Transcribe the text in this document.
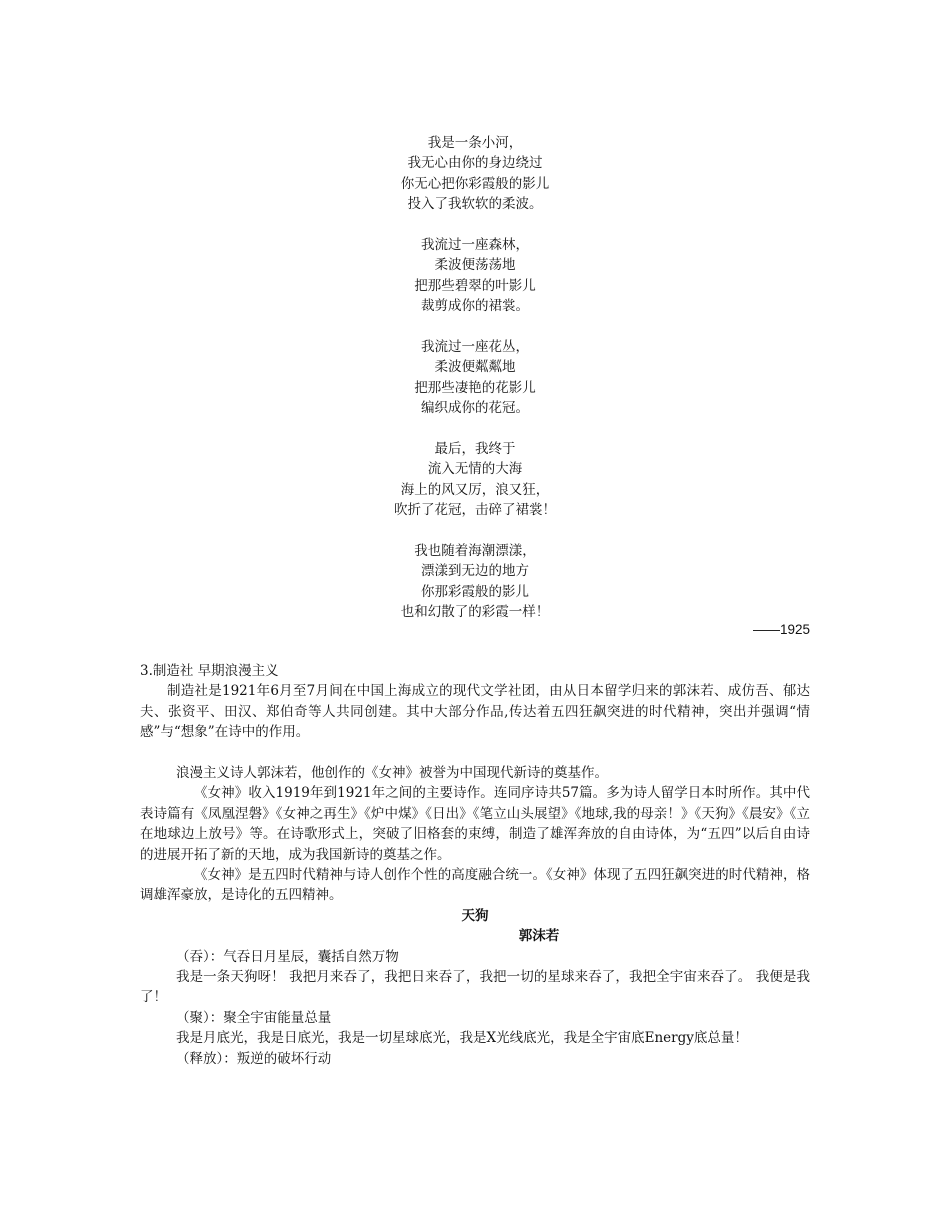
我是一条小河，
我无心由你的身边绕过
你无心把你彩霞般的影儿
投入了我软软的柔波。
我流过一座森林，
柔波便荡荡地
把那些碧翠的叶影儿
裁剪成你的裙裳。
我流过一座花丛，
柔波便粼粼地
把那些凄艳的花影儿
编织成你的花冠。
最后，我终于
流入无情的大海
海上的风又厉，浪又狂，
吹折了花冠，击碎了裙裳！
我也随着海潮漂漾，
漂漾到无边的地方
你那彩霞般的影儿
也和幻散了的彩霞一样！
——1925

3.制造社 早期浪漫主义

制造社是1921年6月至7月间在中国上海成立的现代文学社团，由从日本留学归来的郭沫若、成仿吾、郁达夫、张资平、田汉、郑伯奇等人共同创建。其中大部分作品,传达着五四狂飙突进的时代精神，突出并强调“情感”与“想象”在诗中的作用。

浪漫主义诗人郭沫若，他创作的《女神》被誉为中国现代新诗的奠基作。

《女神》收入1919年到1921年之间的主要诗作。连同序诗共57篇。多为诗人留学日本时所作。其中代表诗篇有《凤凰涅磐》《女神之再生》《炉中煤》《日出》《笔立山头展望》《地球,我的母亲！》《天狗》《晨安》《立在地球边上放号》等。在诗歌形式上，突破了旧格套的束缚，制造了雄浑奔放的自由诗体，为“五四”以后自由诗的进展开拓了新的天地，成为我国新诗的奠基之作。

《女神》是五四时代精神与诗人创作个性的高度融合统一。《女神》体现了五四狂飙突进的时代精神，格调雄浑豪放，是诗化的五四精神。

天狗

郭沫若

（吞）：气吞日月星辰，囊括自然万物

我是一条天狗呀！ 我把月来吞了，我把日来吞了，我把一切的星球来吞了，我把全宇宙来吞了。 我便是我了！

（聚）：聚全宇宙能量总量

我是月底光，我是日底光，我是一切星球底光，我是X光线底光，我是全宇宙底Energy底总量！

（释放）：叛逆的破坏行动
